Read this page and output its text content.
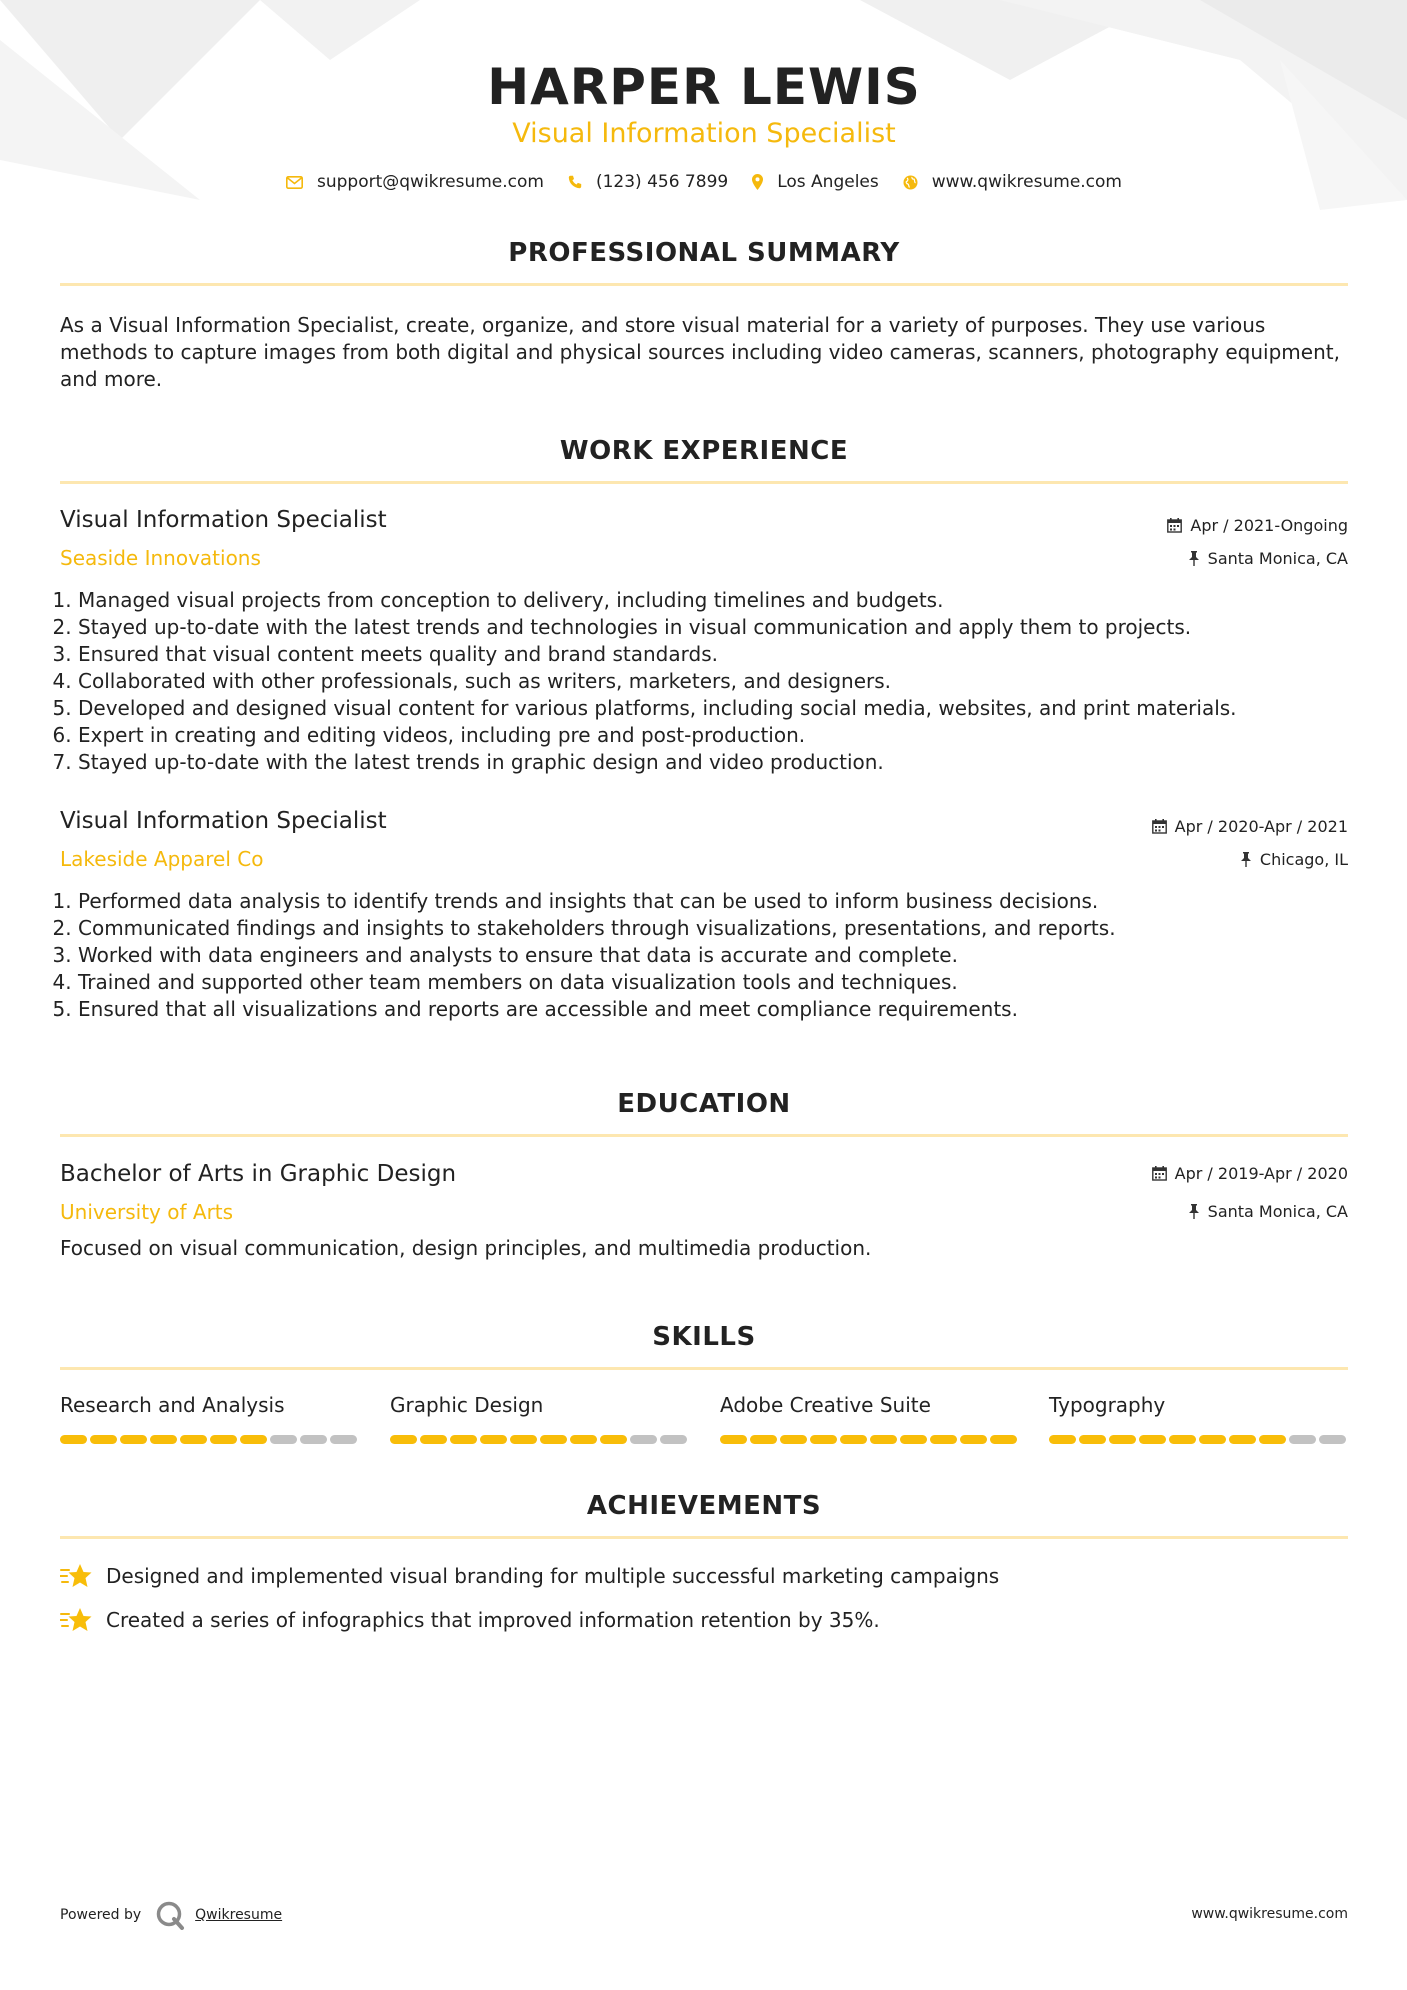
HARPER LEWIS
Visual Information Specialist
support@qwikresume.com	(123) 456 7899	Los Angeles	www.qwikresume.com
PROFESSIONAL SUMMARY
As a Visual Information Specialist, create, organize, and store visual material for a variety of purposes. They use various methods to capture images from both digital and physical sources including video cameras, scanners, photography equipment, and more.
WORK EXPERIENCE
Visual Information Specialist
Seaside Innovations
Apr / 2021-Ongoing
Santa Monica, CA
1. Managed visual projects from conception to delivery, including timelines and budgets.
2. Stayed up-to-date with the latest trends and technologies in visual communication and apply them to projects.
3. Ensured that visual content meets quality and brand standards.
4. Collaborated with other professionals, such as writers, marketers, and designers.
5. Developed and designed visual content for various platforms, including social media, websites, and print materials.
6. Expert in creating and editing videos, including pre and post-production.
7. Stayed up-to-date with the latest trends in graphic design and video production.
Visual Information Specialist
Lakeside Apparel Co
Apr / 2020-Apr / 2021
Chicago, IL
1. Performed data analysis to identify trends and insights that can be used to inform business decisions.
2. Communicated findings and insights to stakeholders through visualizations, presentations, and reports.
3. Worked with data engineers and analysts to ensure that data is accurate and complete.
4. Trained and supported other team members on data visualization tools and techniques.
5. Ensured that all visualizations and reports are accessible and meet compliance requirements.
EDUCATION
Bachelor of Arts in Graphic Design
University of Arts
Apr / 2019-Apr / 2020
Santa Monica, CA
Focused on visual communication, design principles, and multimedia production.
SKILLS
Research and Analysis	Graphic Design	Adobe Creative Suite	Typography
ACHIEVEMENTS
Designed and implemented visual branding for multiple successful marketing campaigns
Created a series of infographics that improved information retention by 35%.
Powered by	Qwikresume	www.qwikresume.com
